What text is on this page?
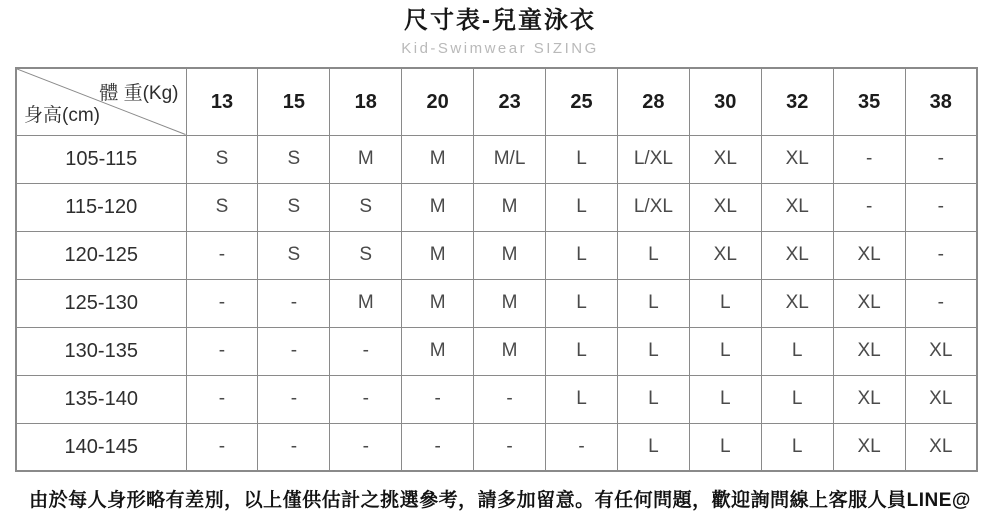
尺寸表-兒童泳衣
Kid-Swimwear SIZING
體 重(Kg)
身高(cm)	13	15	18	20	23	25	28	30	32	35	38
105-115	S	S	M	M	M/L	L	L/XL	XL	XL	-	-
115-120	S	S	S	M	M	L	L/XL	XL	XL	-	-
120-125	-	S	S	M	M	L	L	XL	XL	XL	-
125-130	-	-	M	M	M	L	L	L	XL	XL	-
130-135	-	-	-	M	M	L	L	L	L	XL	XL
135-140	-	-	-	-	-	L	L	L	L	XL	XL
140-145	-	-	-	-	-	-	L	L	L	XL	XL
由於每人身形略有差別，以上僅供估計之挑選參考，請多加留意。有任何問題，歡迎詢問線上客服人員LINE@
